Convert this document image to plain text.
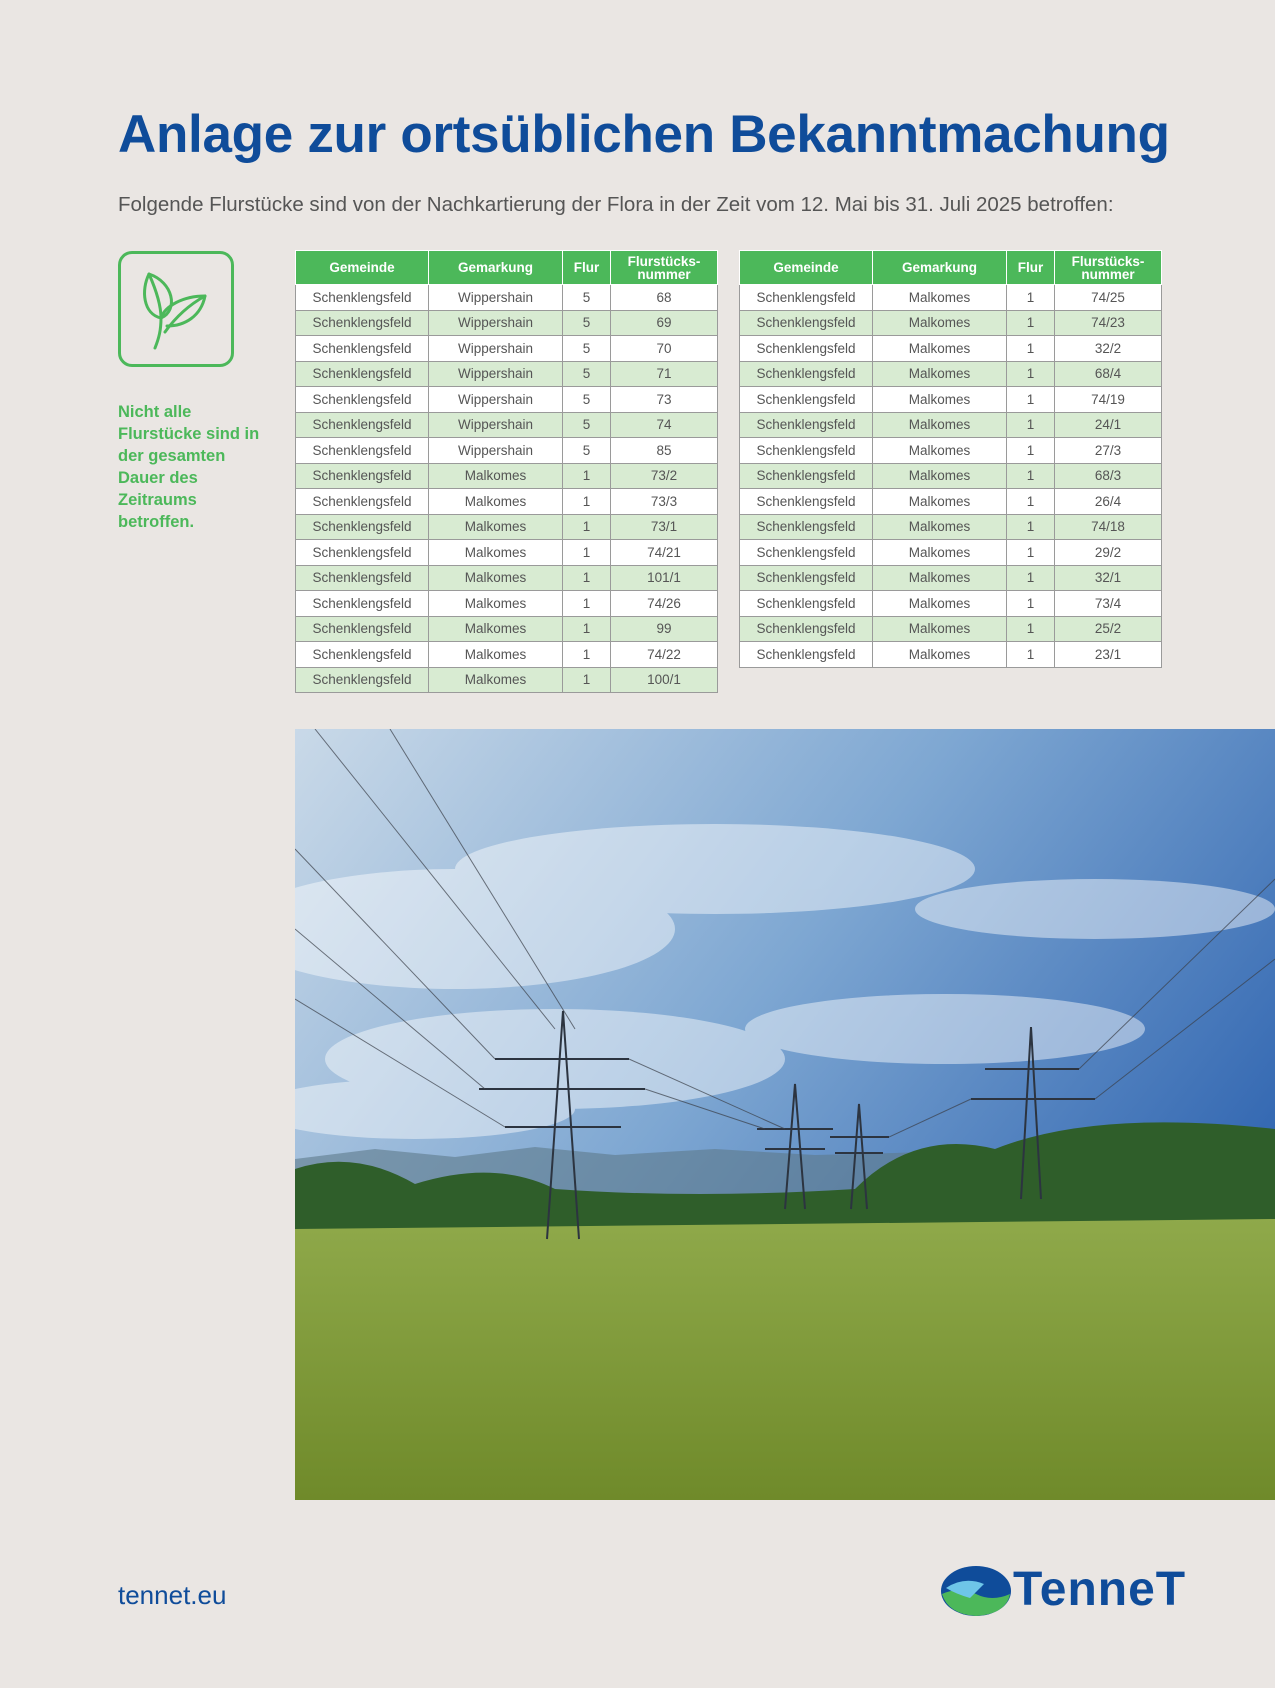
Anlage zur ortsüblichen Bekanntmachung
Folgende Flurstücke sind von der Nachkartierung der Flora in der Zeit vom 12. Mai bis 31. Juli 2025 betroffen:
Nicht alle Flurstücke sind in der gesamten Dauer des Zeitraums betroffen.
Gemeinde	Gemarkung	Flur	Flurstücks-
nummer
Schenklengsfeld	Wippershain	5	68
Schenklengsfeld	Wippershain	5	69
Schenklengsfeld	Wippershain	5	70
Schenklengsfeld	Wippershain	5	71
Schenklengsfeld	Wippershain	5	73
Schenklengsfeld	Wippershain	5	74
Schenklengsfeld	Wippershain	5	85
Schenklengsfeld	Malkomes	1	73/2
Schenklengsfeld	Malkomes	1	73/3
Schenklengsfeld	Malkomes	1	73/1
Schenklengsfeld	Malkomes	1	74/21
Schenklengsfeld	Malkomes	1	101/1
Schenklengsfeld	Malkomes	1	74/26
Schenklengsfeld	Malkomes	1	99
Schenklengsfeld	Malkomes	1	74/22
Schenklengsfeld	Malkomes	1	100/1
Gemeinde	Gemarkung	Flur	Flurstücks-
nummer
Schenklengsfeld	Malkomes	1	74/25
Schenklengsfeld	Malkomes	1	74/23
Schenklengsfeld	Malkomes	1	32/2
Schenklengsfeld	Malkomes	1	68/4
Schenklengsfeld	Malkomes	1	74/19
Schenklengsfeld	Malkomes	1	24/1
Schenklengsfeld	Malkomes	1	27/3
Schenklengsfeld	Malkomes	1	68/3
Schenklengsfeld	Malkomes	1	26/4
Schenklengsfeld	Malkomes	1	74/18
Schenklengsfeld	Malkomes	1	29/2
Schenklengsfeld	Malkomes	1	32/1
Schenklengsfeld	Malkomes	1	73/4
Schenklengsfeld	Malkomes	1	25/2
Schenklengsfeld	Malkomes	1	23/1
tennet.eu	TenneT
